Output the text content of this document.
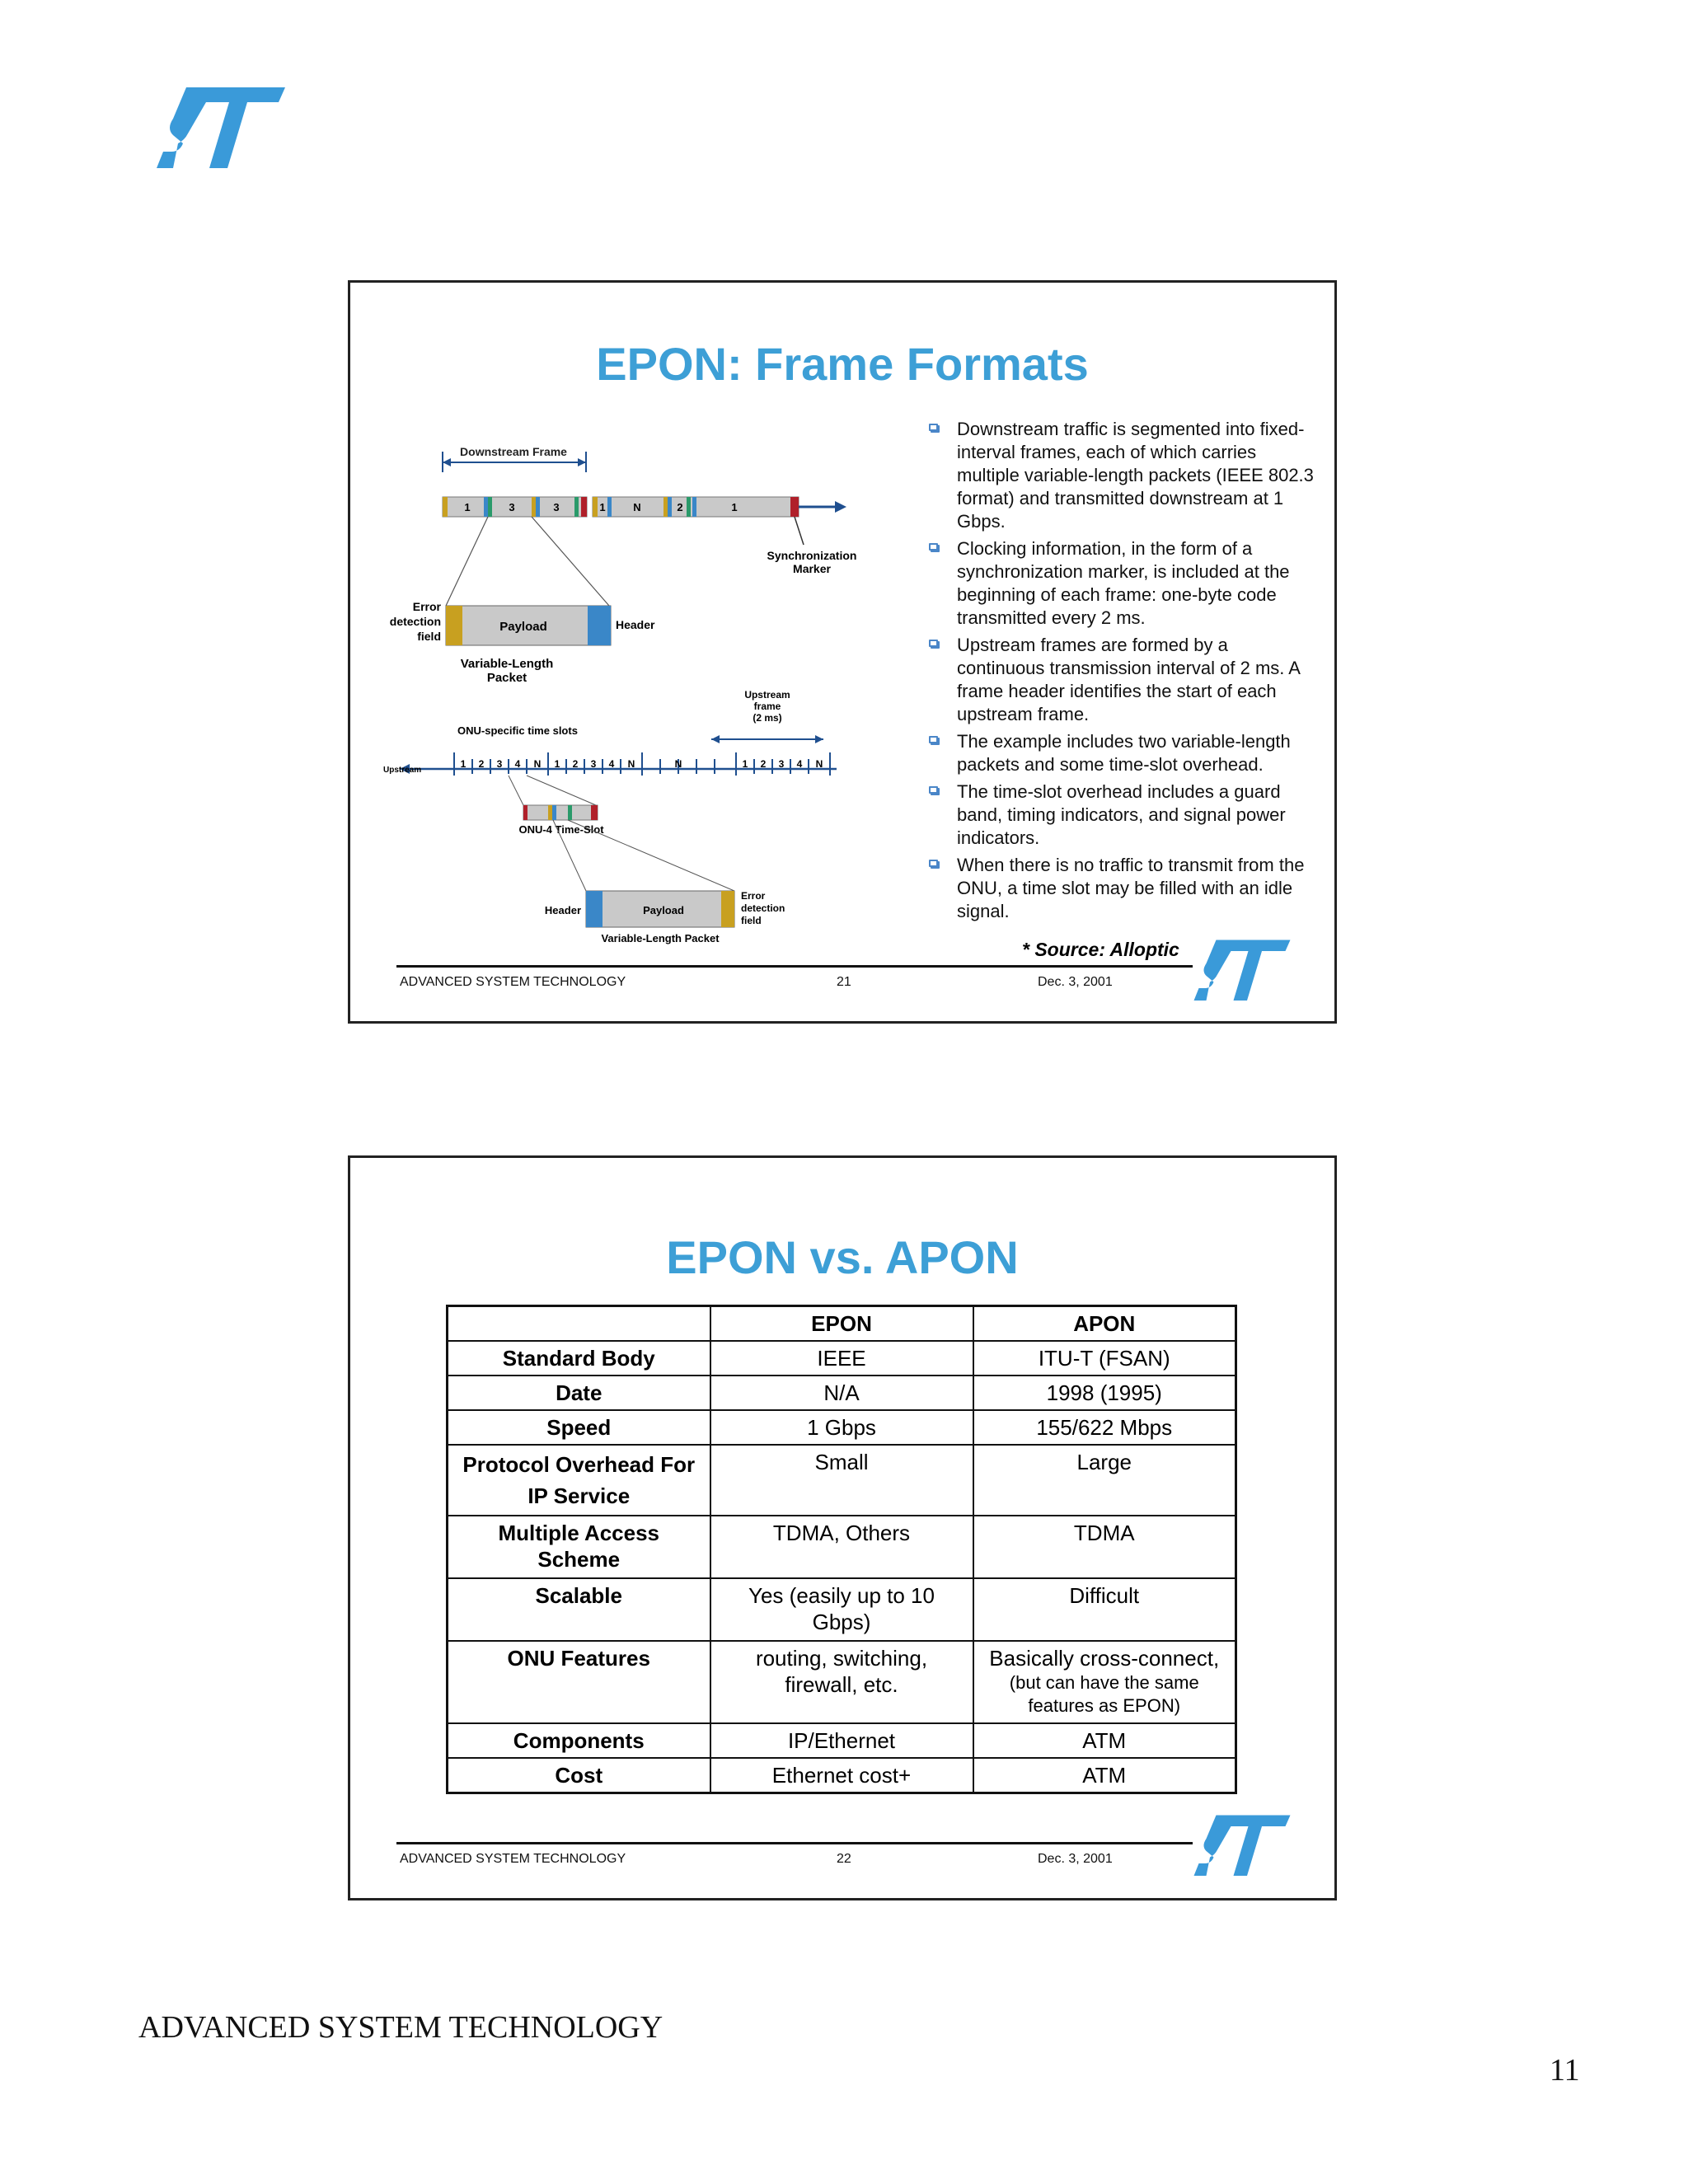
EPON: Frame Formats
Downstream Frame
1	3	3	1	N	2	1
Synchronization
Marker
Payload
Error
detection
field
Header
Variable-Length
Packet
Upstream
frame
(2 ms)
ONU-specific time slots
Upstream
1 2 3 4 N 1 2 3 4 N	1 2 3 4 N
N
ONU-4 Time-Slot
Payload
Header
Error
detection
field
Variable-Length Packet
Downstream traffic is segmented into fixed-interval frames, each of which carries multiple variable-length packets (IEEE 802.3 format) and transmitted downstream at 1 Gbps.
Clocking information, in the form of a synchronization marker, is included at the beginning of each frame: one-byte code transmitted every 2 ms.
Upstream frames are formed by a continuous transmission interval of 2 ms. A frame header identifies the start of each upstream frame.
The example includes two variable-length packets and some time-slot overhead.
The time-slot overhead includes a guard band, timing indicators, and signal power indicators.
When there is no traffic to transmit from the ONU, a time slot may be filled with an idle signal.
* Source: Alloptic
ADVANCED SYSTEM TECHNOLOGY	21	Dec. 3, 2001
EPON vs. APON
	EPON	APON
Standard Body	IEEE	ITU-T (FSAN)
Date	N/A	1998 (1995)
Speed	1 Gbps	155/622 Mbps
Protocol Overhead For IP Service	Small	Large
Multiple Access Scheme	TDMA, Others	TDMA
Scalable	Yes (easily up to 10 Gbps)	Difficult
ONU Features	routing, switching, firewall, etc.	Basically cross-connect,
(but can have the same features as EPON)

Components	IP/Ethernet	ATM
Cost	Ethernet cost+	ATM
ADVANCED SYSTEM TECHNOLOGY	22	Dec. 3, 2001
ADVANCED SYSTEM TECHNOLOGY
11
